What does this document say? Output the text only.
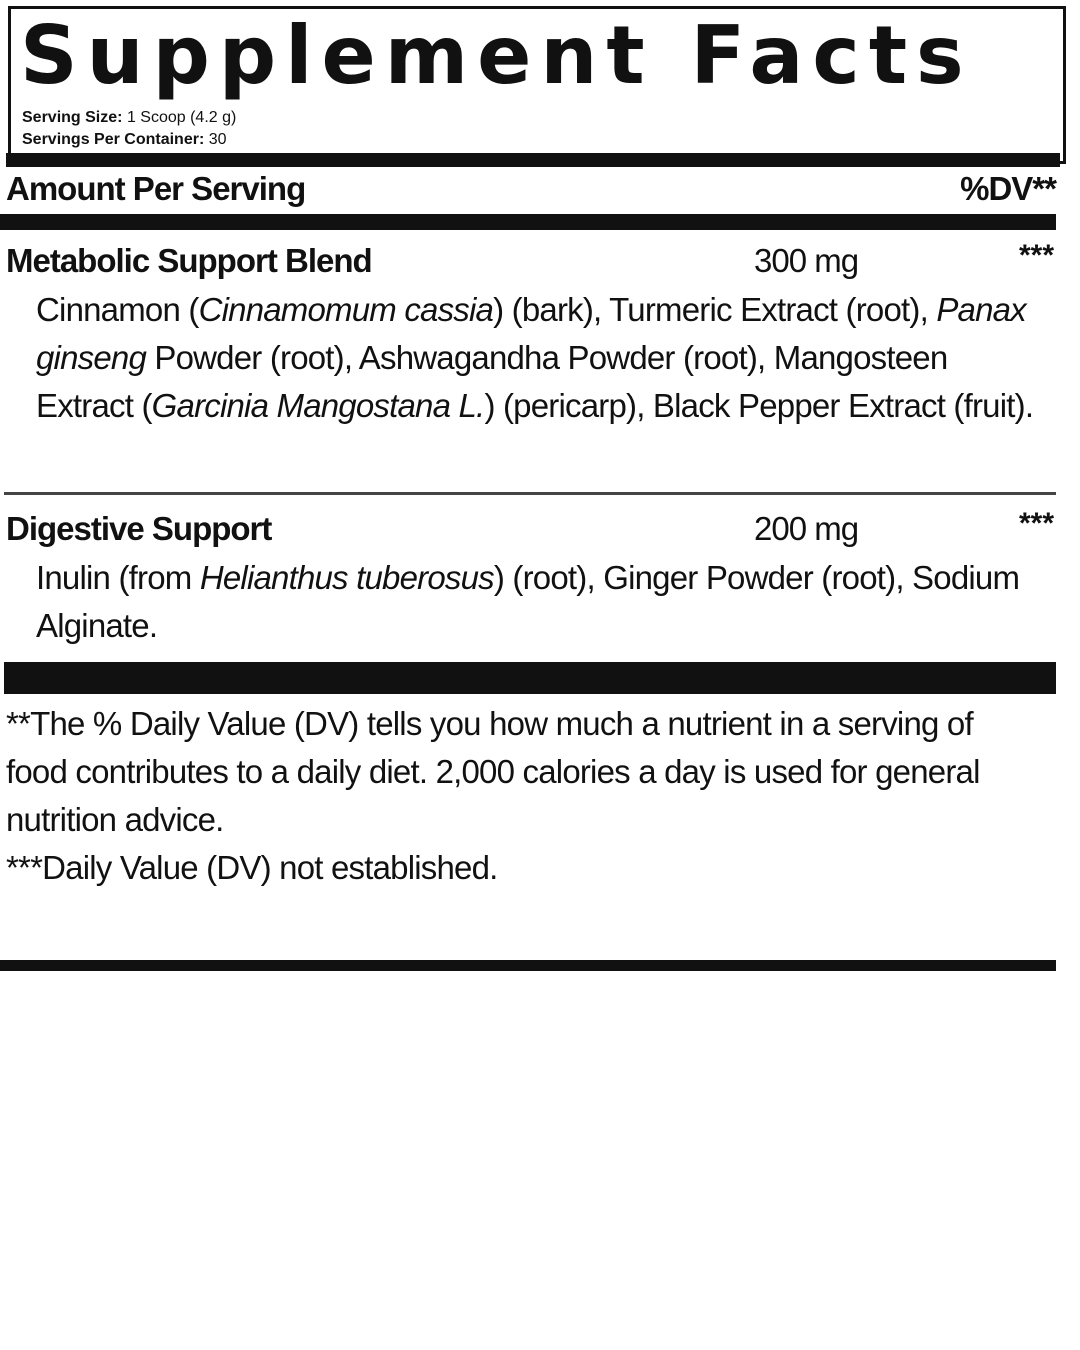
Supplement Facts
Serving Size: 1 Scoop (4.2 g)
Servings Per Container: 30
Amount Per Serving	%DV**
Metabolic Support Blend	300 mg	***

Cinnamon (Cinnamomum cassia) (bark), Turmeric Extract (root), Panax ginseng Powder (root), Ashwagandha Powder (root), Mangosteen Extract (Garcinia Mangostana L.) (pericarp), Black Pepper Extract (fruit).

Digestive Support	200 mg	***

Inulin (from Helianthus tuberosus) (root), Ginger Powder (root), Sodium Alginate.

**The % Daily Value (DV) tells you how much a nutrient in a serving of food contributes to a daily diet. 2,000 calories a day is used for general nutrition advice.

***Daily Value (DV) not established.
